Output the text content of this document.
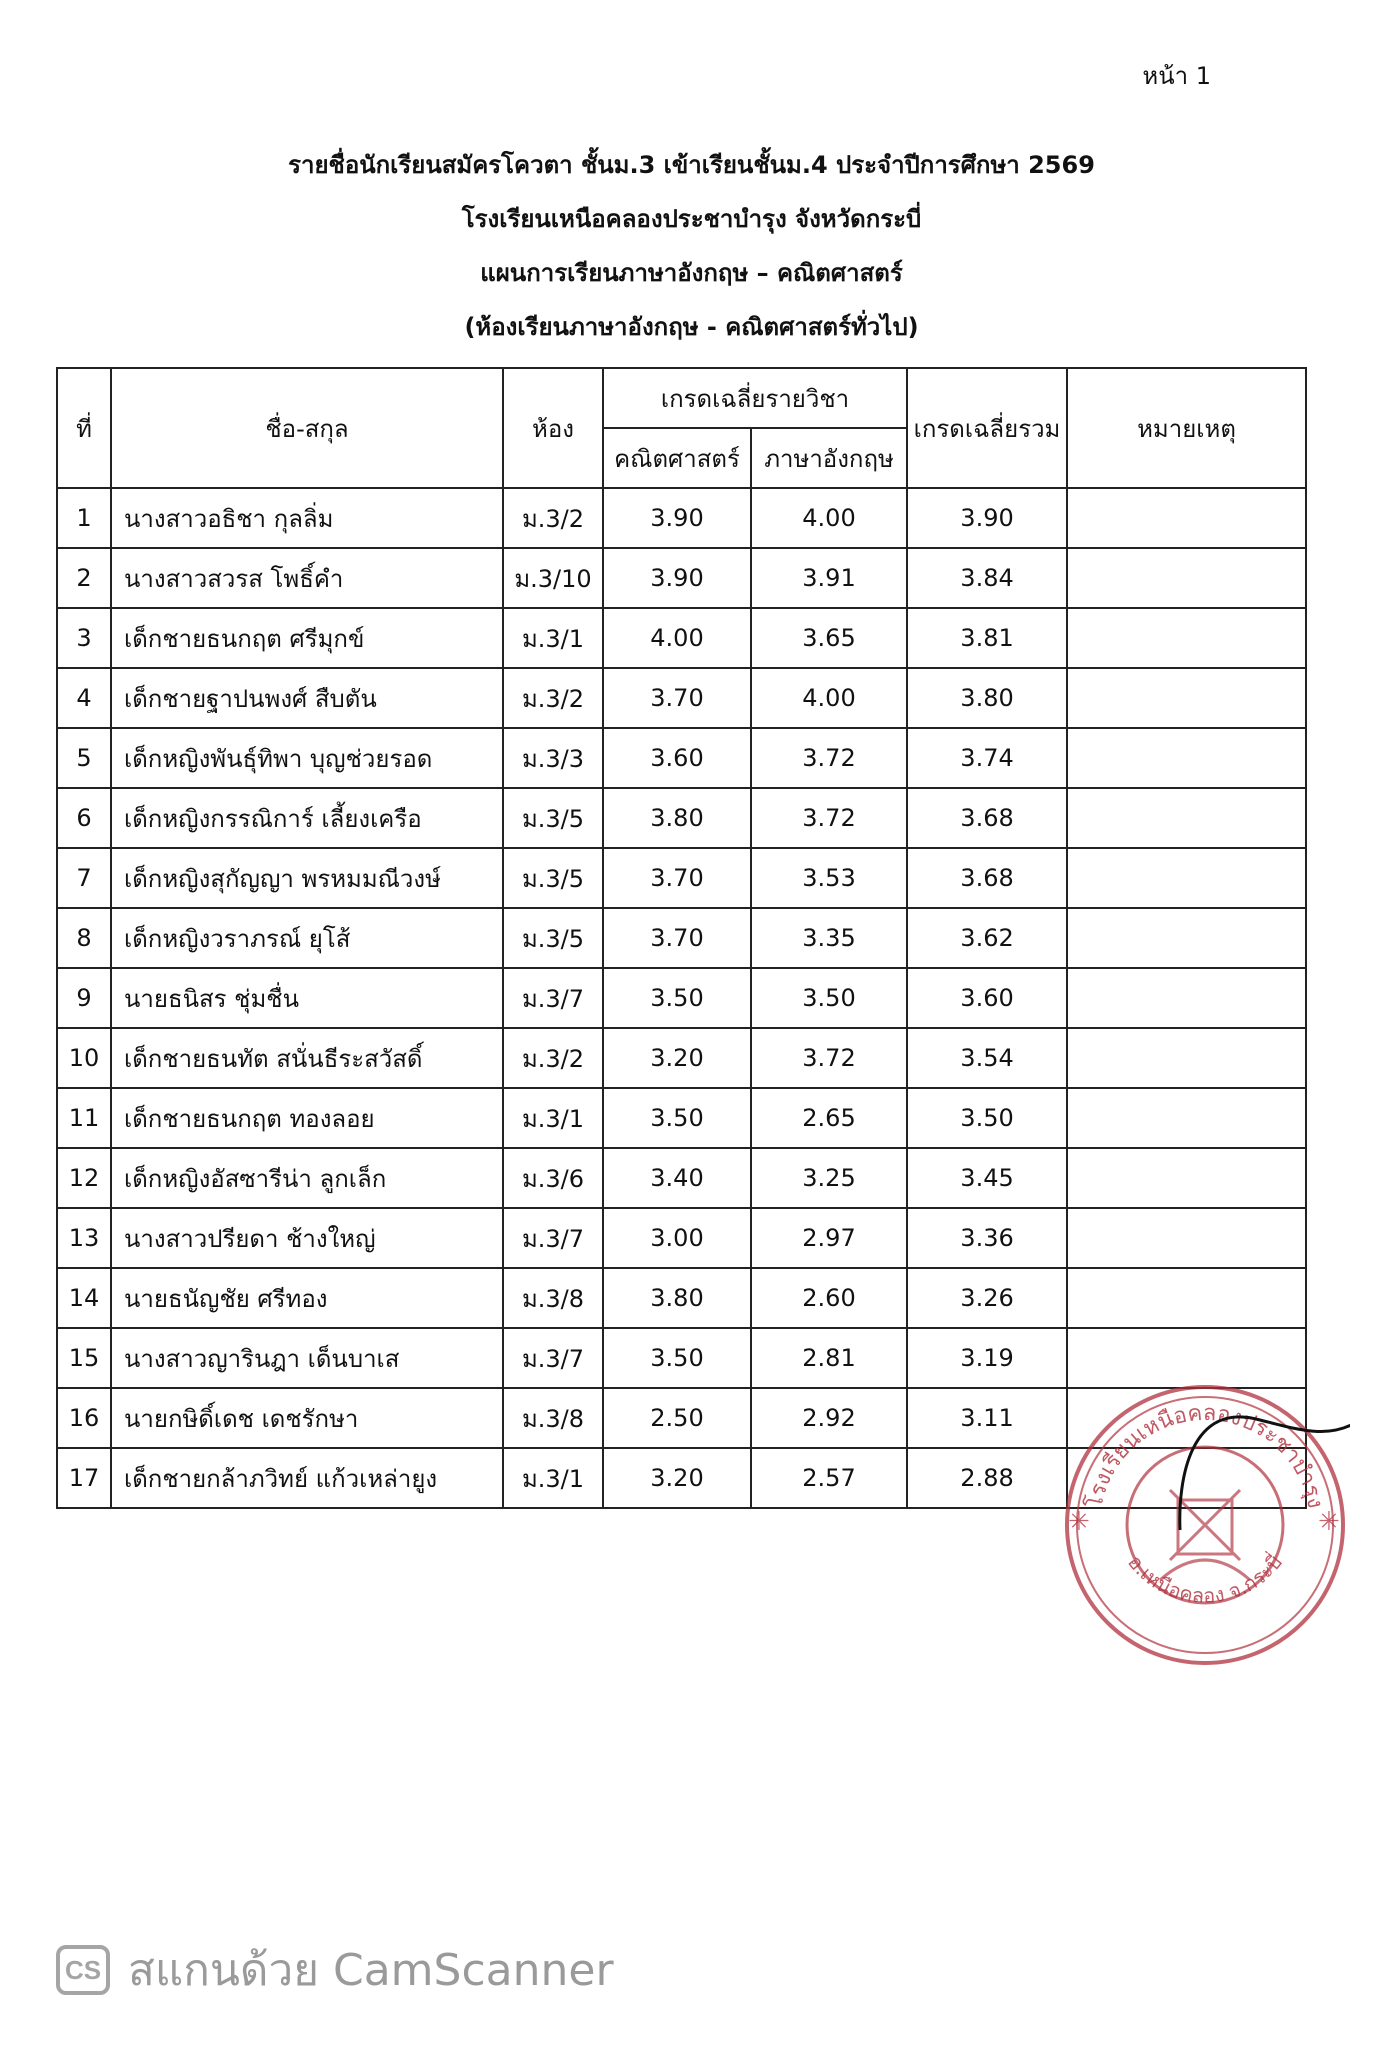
หน้า 1
รายชื่อนักเรียนสมัครโควตา ชั้นม.3 เข้าเรียนชั้นม.4 ประจำปีการศึกษา 2569
โรงเรียนเหนือคลองประชาบำรุง จังหวัดกระบี่
แผนการเรียนภาษาอังกฤษ – คณิตศาสตร์
(ห้องเรียนภาษาอังกฤษ - คณิตศาสตร์ทั่วไป)
ที่	ชื่อ-สกุล	ห้อง	เกรดเฉลี่ยรายวิชา		เกรดเฉลี่ยรวม	หมายเหตุ
			คณิตศาสตร์	ภาษาอังกฤษ		
1	นางสาวอธิชา กุลลิ่ม	ม.3/2	3.90	4.00	3.90	
2	นางสาวสวรส โพธิ์คำ	ม.3/10	3.90	3.91	3.84	
3	เด็กชายธนกฤต ศรีมุกข์	ม.3/1	4.00	3.65	3.81	
4	เด็กชายฐาปนพงศ์ สืบตัน	ม.3/2	3.70	4.00	3.80	
5	เด็กหญิงพันธุ์ทิพา บุญช่วยรอด	ม.3/3	3.60	3.72	3.74	
6	เด็กหญิงกรรณิการ์ เลี้ยงเครือ	ม.3/5	3.80	3.72	3.68	
7	เด็กหญิงสุกัญญา พรหมมณีวงษ์	ม.3/5	3.70	3.53	3.68	
8	เด็กหญิงวราภรณ์ ยุโส้	ม.3/5	3.70	3.35	3.62	
9	นายธนิสร ชุ่มชื่น	ม.3/7	3.50	3.50	3.60	
10	เด็กชายธนทัต สนั่นธีระสวัสดิ์	ม.3/2	3.20	3.72	3.54	
11	เด็กชายธนกฤต ทองลอย	ม.3/1	3.50	2.65	3.50	
12	เด็กหญิงอัสซารีน่า ลูกเล็ก	ม.3/6	3.40	3.25	3.45	
13	นางสาวปรียดา ช้างใหญ่	ม.3/7	3.00	2.97	3.36	
14	นายธนัญชัย ศรีทอง	ม.3/8	3.80	2.60	3.26	
15	นางสาวญารินฎา เด็นบาเส	ม.3/7	3.50	2.81	3.19	
16	นายกษิดิ์เดช เดชรักษา	ม.3/8	2.50	2.92	3.11	
17	เด็กชายกล้าภวิทย์ แก้วเหล่ายูง	ม.3/1	3.20	2.57	2.88	
โรงเรียนเหนือคลองประชาบำรุง
อ.เหนือคลอง จ.กระบี่
✳	✳
CS สแกนด้วย CamScanner
